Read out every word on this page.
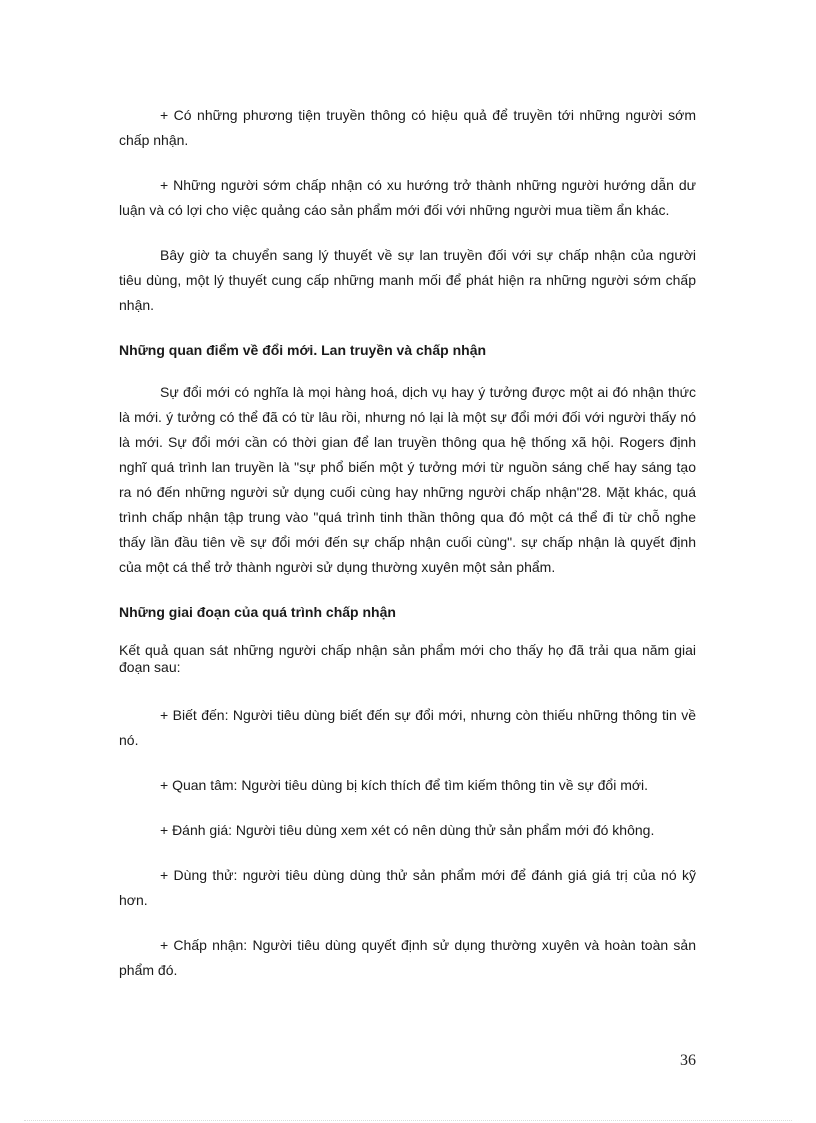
+ Có những phương tiện truyền thông có hiệu quả để truyền tới những người sớm chấp nhận.

+ Những người sớm chấp nhận có xu hướng trở thành những người hướng dẫn dư luận và có lợi cho việc quảng cáo sản phẩm mới đối với những người mua tiềm ẩn khác.

Bây giờ ta chuyển sang lý thuyết về sự lan truyền đối với sự chấp nhận của người tiêu dùng, một lý thuyết cung cấp những manh mối để phát hiện ra những người sớm chấp nhận.

Những quan điểm về đổi mới. Lan truyền và chấp nhận

Sự đổi mới có nghĩa là mọi hàng hoá, dịch vụ hay ý tưởng được một ai đó nhận thức là mới. ý tưởng có thể đã có từ lâu rồi, nhưng nó lại là một sự đổi mới đối với người thấy nó là mới. Sự đổi mới cần có thời gian để lan truyền thông qua hệ thống xã hội. Rogers định nghĩ quá trình lan truyền là "sự phổ biến một ý tưởng mới từ nguồn sáng chế hay sáng tạo ra nó đến những người sử dụng cuối cùng hay những người chấp nhận"28. Mặt khác, quá trình chấp nhận tập trung vào "quá trình tinh thần thông qua đó một cá thể đi từ chỗ nghe thấy lần đầu tiên về sự đổi mới đến sự chấp nhận cuối cùng". sự chấp nhận là quyết định của một cá thể trở thành người sử dụng thường xuyên một sản phẩm.

Những giai đoạn của quá trình chấp nhận

Kết quả quan sát những người chấp nhận sản phẩm mới cho thấy họ đã trải qua năm giai đoạn sau:

+ Biết đến: Người tiêu dùng biết đến sự đổi mới, nhưng còn thiếu những thông tin về nó.

+ Quan tâm: Người tiêu dùng bị kích thích để tìm kiếm thông tin về sự đổi mới.

+ Đánh giá: Người tiêu dùng xem xét có nên dùng thử sản phẩm mới đó không.

+ Dùng thử: người tiêu dùng dùng thử sản phẩm mới để đánh giá giá trị của nó kỹ hơn.

+ Chấp nhận: Người tiêu dùng quyết định sử dụng thường xuyên và hoàn toàn sản phẩm đó.

36
